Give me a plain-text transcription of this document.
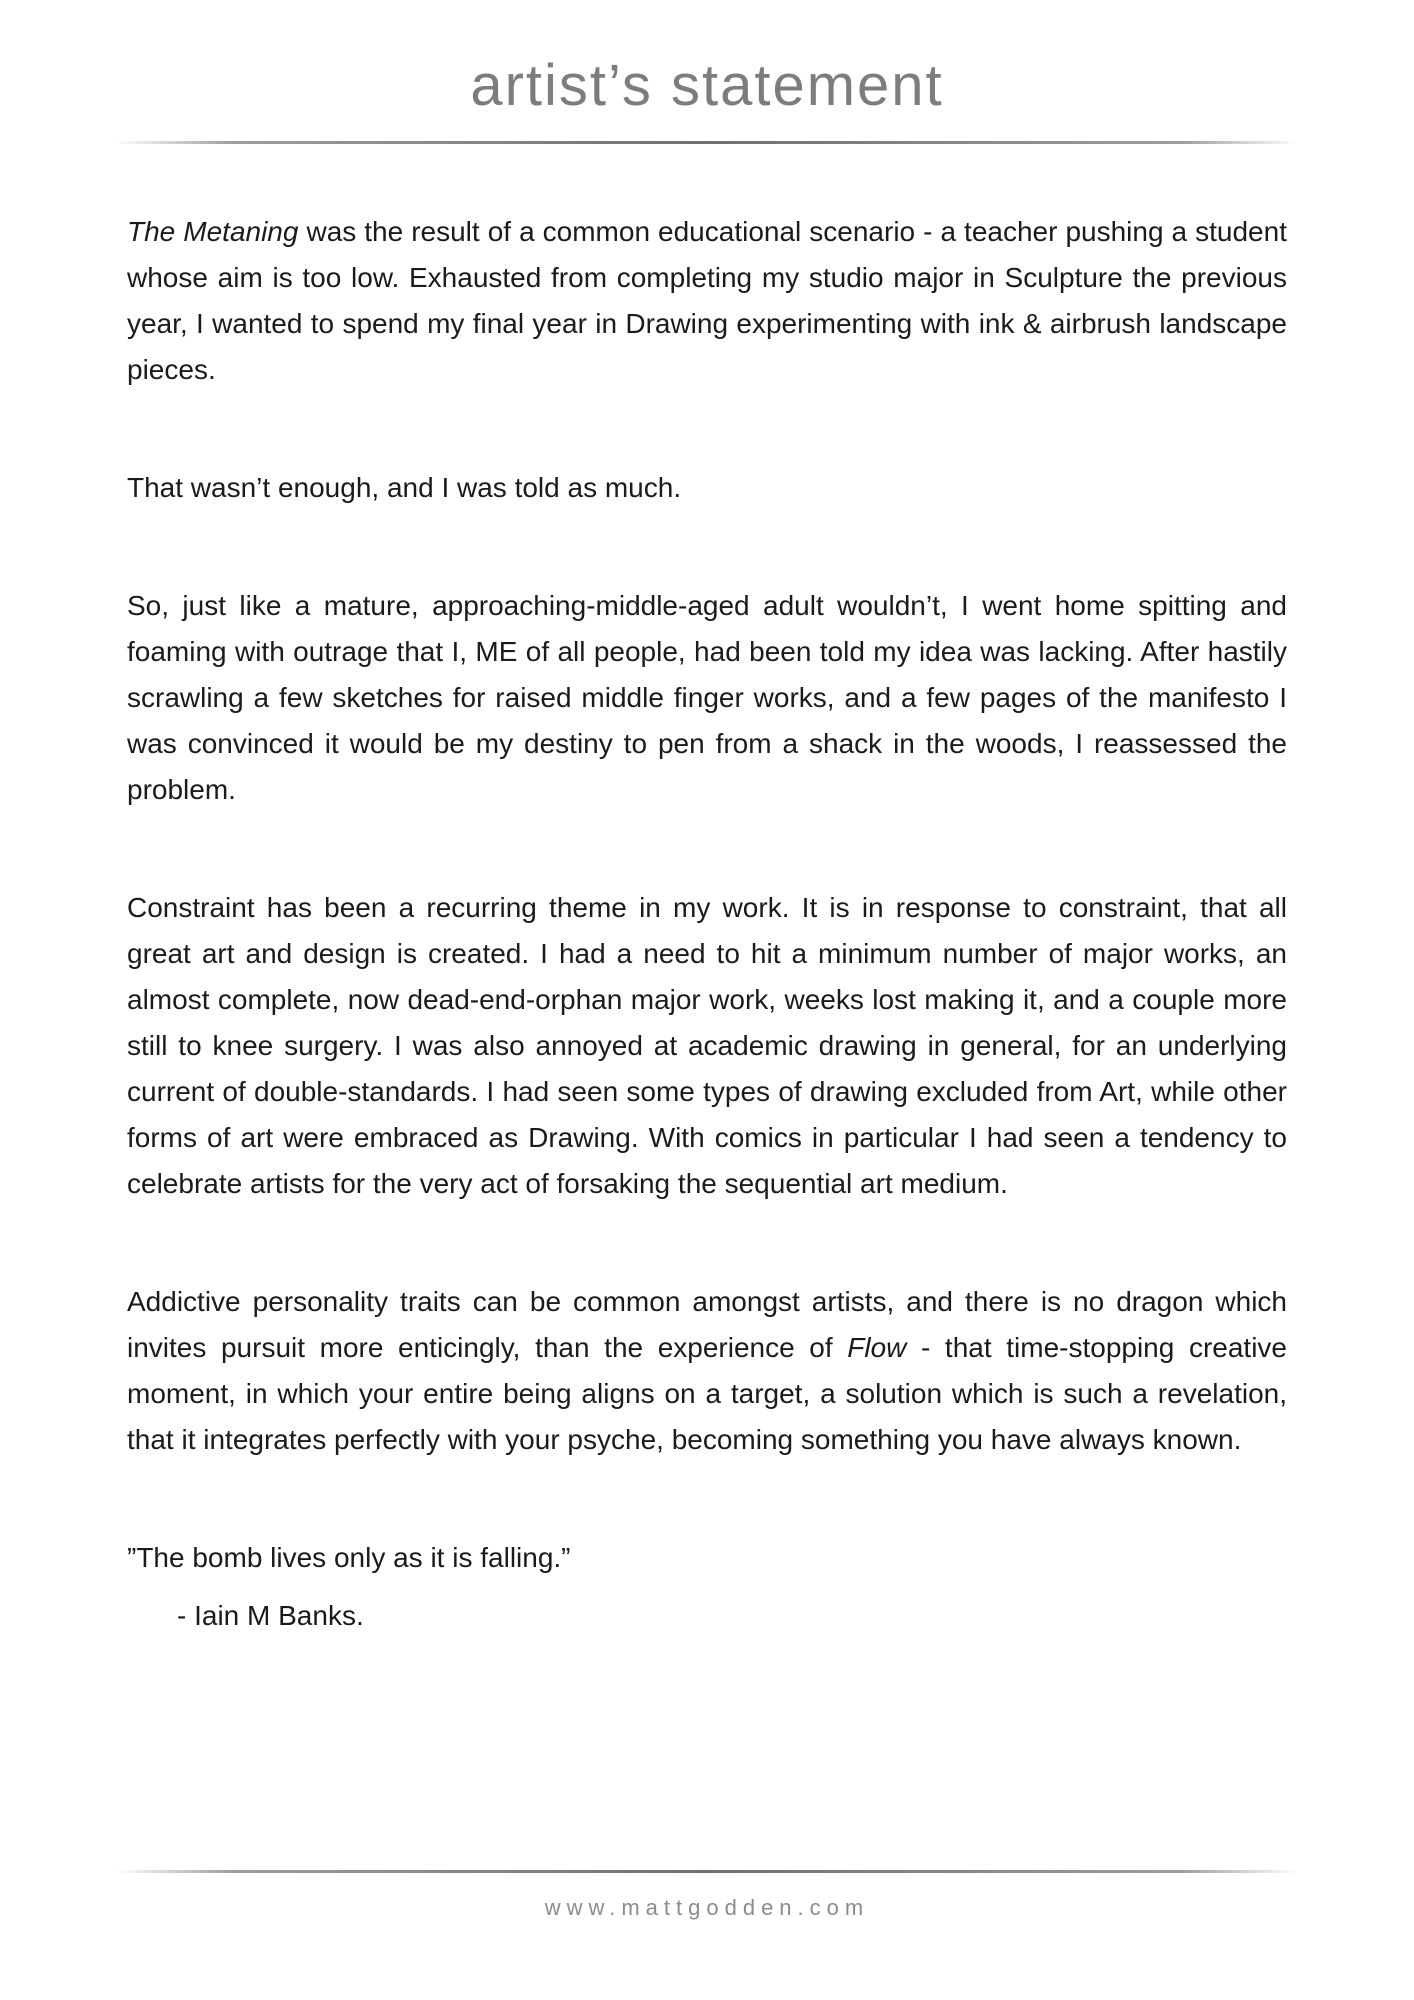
artist’s statement

The Metaning was the result of a common educational scenario - a teacher pushing a student whose aim is too low. Exhausted from completing my studio major in Sculpture the previous year, I wanted to spend my final year in Drawing experimenting with ink & airbrush landscape pieces.

That wasn’t enough, and I was told as much.

So, just like a mature, approaching-middle-aged adult wouldn’t, I went home spitting and foaming with outrage that I, ME of all people, had been told my idea was lacking. After hastily scrawling a few sketches for raised middle finger works, and a few pages of the manifesto I was convinced it would be my destiny to pen from a shack in the woods, I reassessed the problem.

Constraint has been a recurring theme in my work. It is in response to constraint, that all great art and design is created. I had a need to hit a minimum number of major works, an almost complete, now dead-end-orphan major work, weeks lost making it, and a couple more still to knee surgery. I was also annoyed at academic drawing in general, for an underlying current of double-standards. I had seen some types of drawing excluded from Art, while other forms of art were embraced as Drawing. With comics in particular I had seen a tendency to celebrate artists for the very act of forsaking the sequential art medium.

Addictive personality traits can be common amongst artists, and there is no dragon which invites pursuit more enticingly, than the experience of Flow - that time-stopping creative moment, in which your entire being aligns on a target, a solution which is such a revelation, that it integrates perfectly with your psyche, becoming something you have always known.

”The bomb lives only as it is falling.”

- Iain M Banks.

www.mattgodden.com
